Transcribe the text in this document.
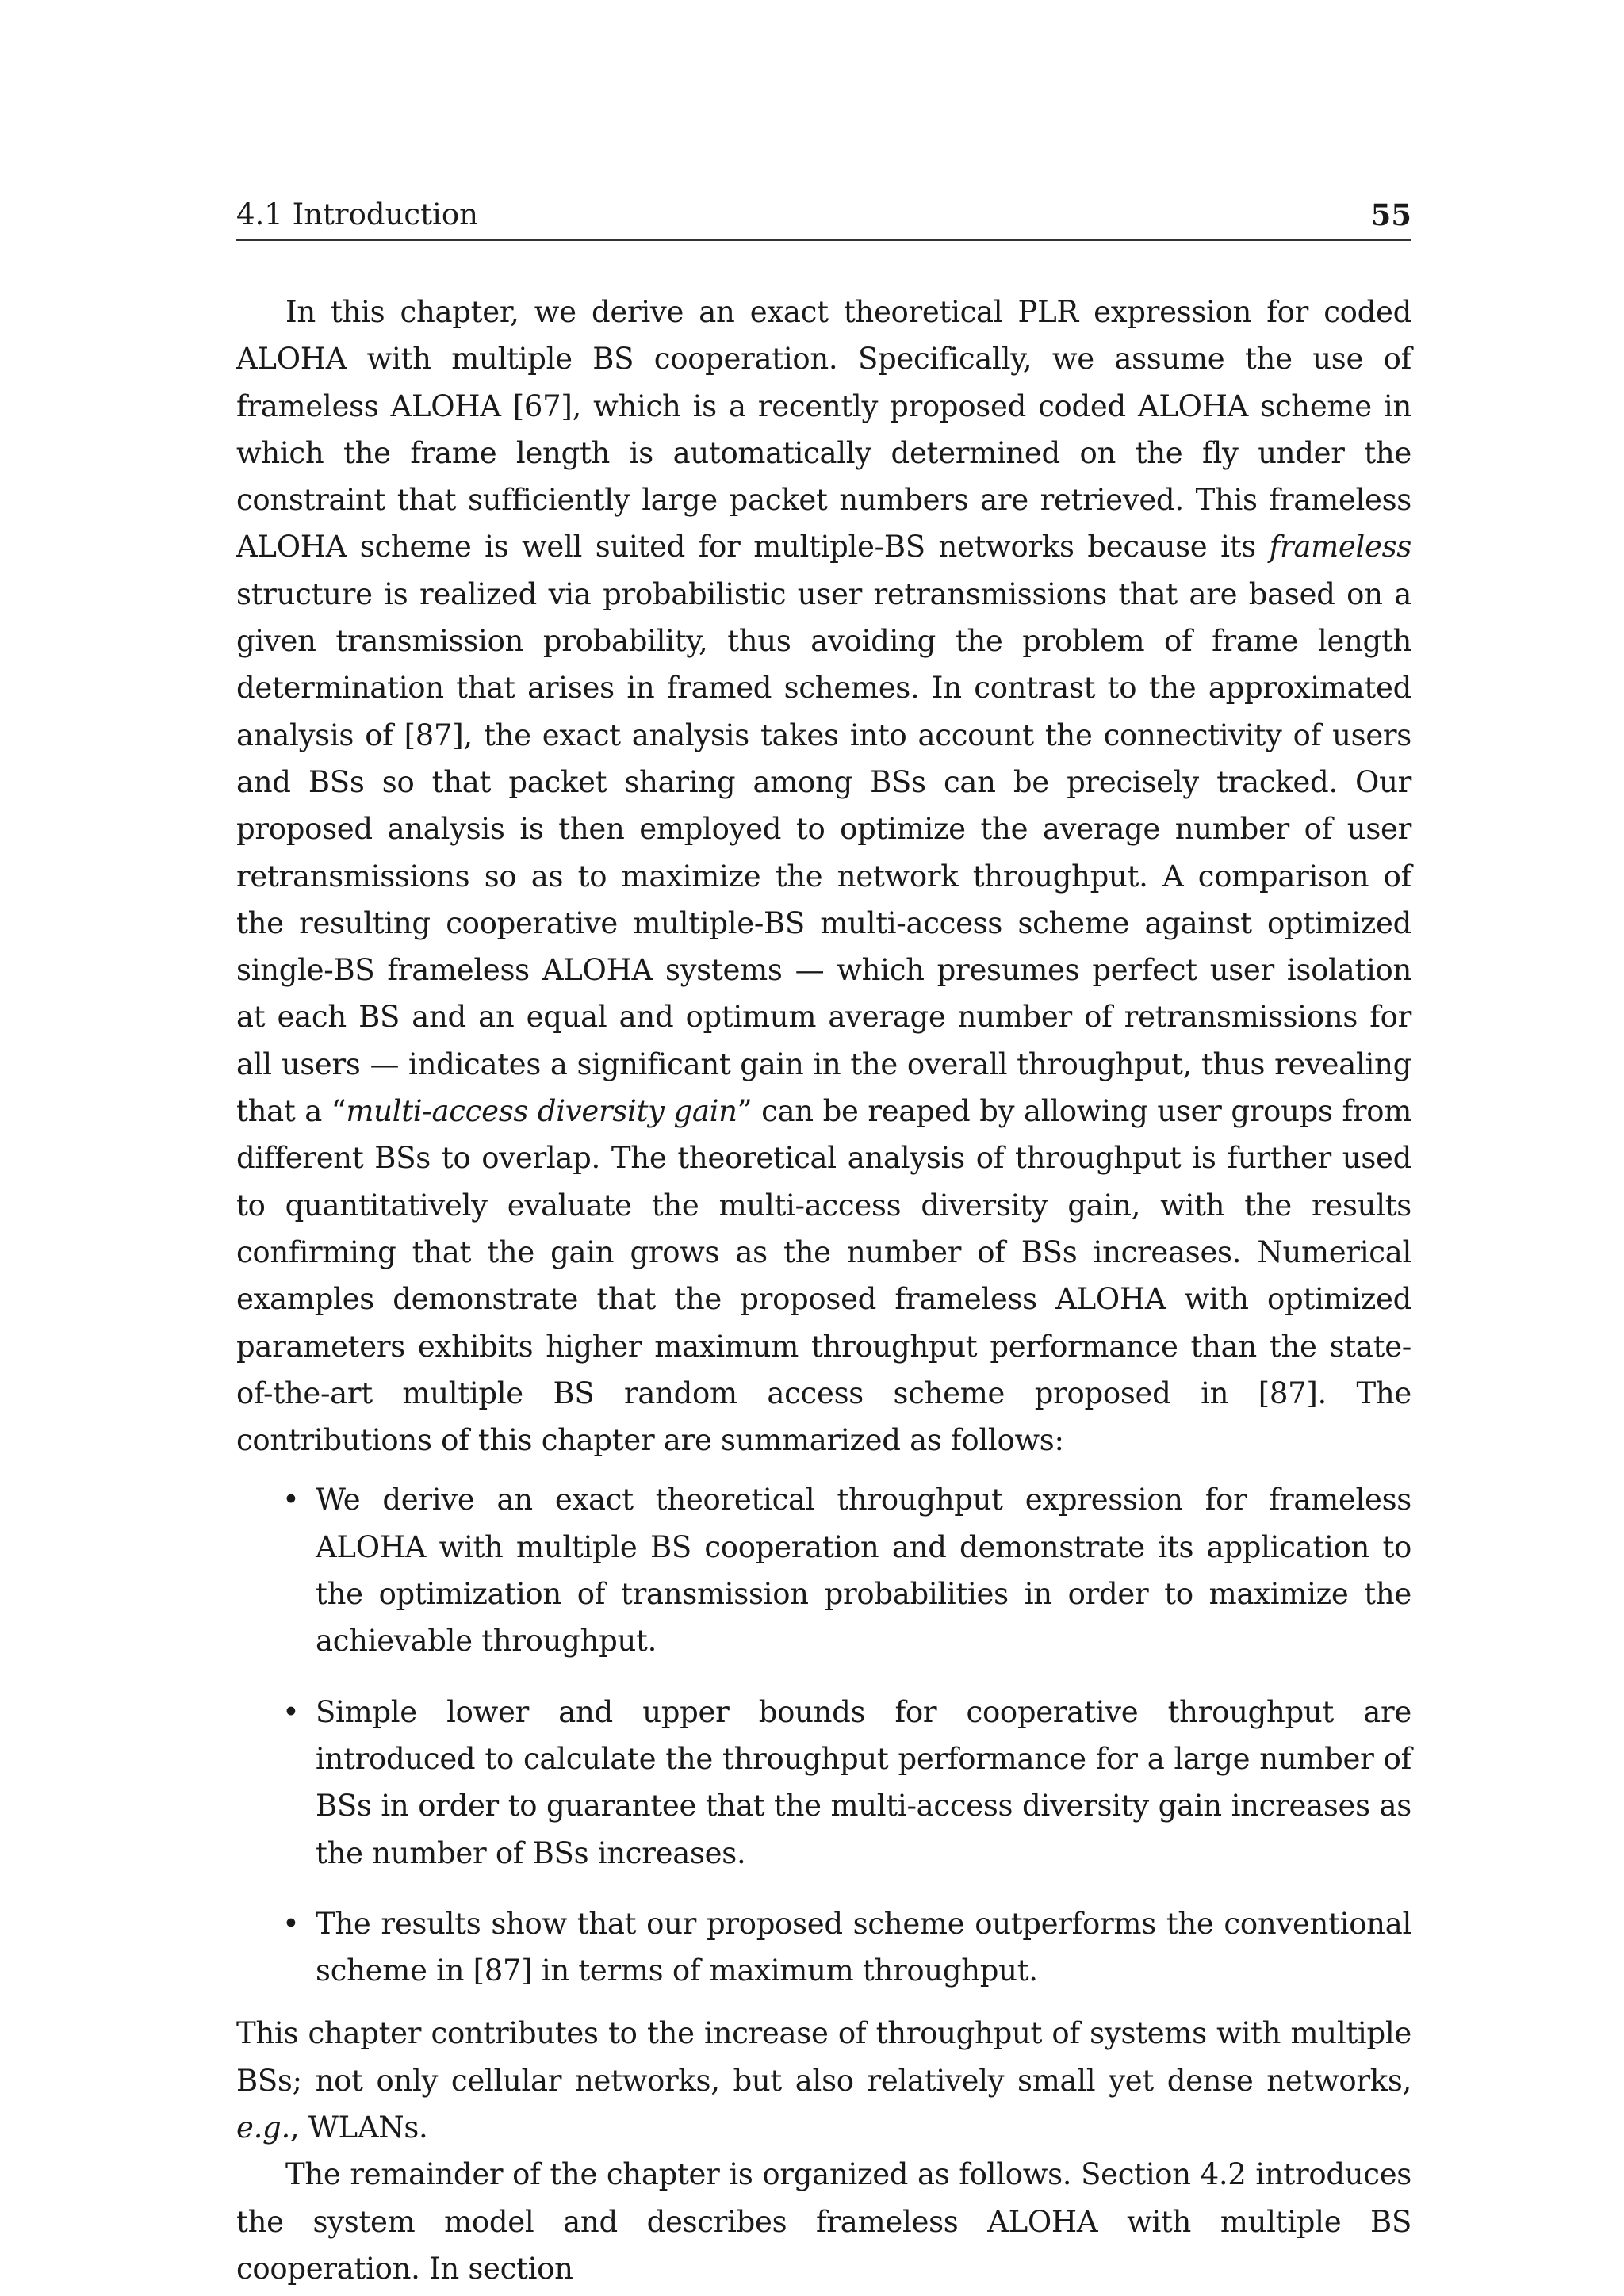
4.1 Introduction	55

In this chapter, we derive an exact theoretical PLR expression for coded ALOHA with multiple BS cooperation. Specifically, we assume the use of frameless ALOHA [67], which is a recently proposed coded ALOHA scheme in which the frame length is automatically determined on the fly under the constraint that sufficiently large packet numbers are retrieved. This frameless ALOHA scheme is well suited for multiple-BS networks because its frameless structure is realized via probabilistic user retransmissions that are based on a given transmission probability, thus avoiding the problem of frame length determination that arises in framed schemes. In contrast to the approximated analysis of [87], the exact analysis takes into account the connectivity of users and BSs so that packet sharing among BSs can be precisely tracked. Our proposed analysis is then employed to optimize the average number of user retransmissions so as to maximize the network throughput. A comparison of the resulting cooperative multiple-BS multi-access scheme against optimized single-BS frameless ALOHA systems — which presumes perfect user isolation at each BS and an equal and optimum average number of retransmissions for all users — indicates a significant gain in the overall throughput, thus revealing that a “multi-access diversity gain” can be reaped by allowing user groups from different BSs to overlap. The theoretical analysis of throughput is further used to quantitatively evaluate the multi-access diversity gain, with the results confirming that the gain grows as the number of BSs increases. Numerical examples demonstrate that the proposed frameless ALOHA with optimized parameters exhibits higher maximum throughput performance than the state-of-the-art multiple BS random access scheme proposed in [87]. The contributions of this chapter are summarized as follows:

• We derive an exact theoretical throughput expression for frameless ALOHA with multiple BS cooperation and demonstrate its application to the optimization of transmission probabilities in order to maximize the achievable throughput.
• Simple lower and upper bounds for cooperative throughput are introduced to calculate the throughput performance for a large number of BSs in order to guarantee that the multi-access diversity gain increases as the number of BSs increases.
• The results show that our proposed scheme outperforms the conventional scheme in [87] in terms of maximum throughput.

This chapter contributes to the increase of throughput of systems with multiple BSs; not only cellular networks, but also relatively small yet dense networks, e.g., WLANs.

The remainder of the chapter is organized as follows. Section 4.2 introduces the system model and describes frameless ALOHA with multiple BS cooperation. In section
